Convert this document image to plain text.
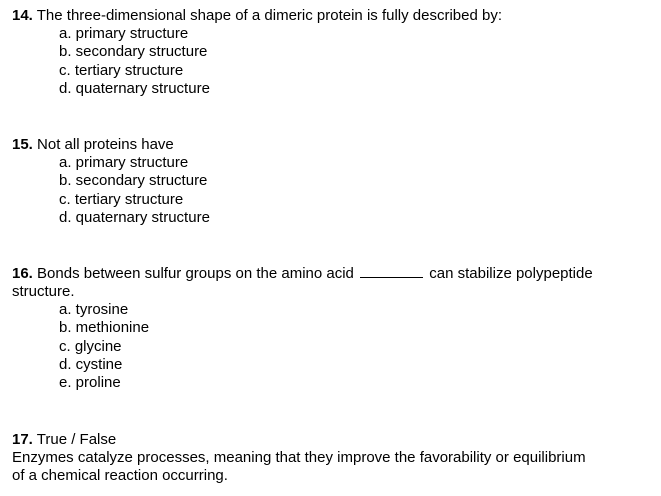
14. The three-dimensional shape of a dimeric protein is fully described by:

a. primary structure
b. secondary structure
c. tertiary structure
d. quaternary structure

15. Not all proteins have

a. primary structure
b. secondary structure
c. tertiary structure
d. quaternary structure

16. Bonds between sulfur groups on the amino acid	can stabilize polypeptide

structure.

a. tyrosine
b. methionine
c. glycine
d. cystine
e. proline

17. True / False

Enzymes catalyze processes, meaning that they improve the favorability or equilibrium

of a chemical reaction occurring.
